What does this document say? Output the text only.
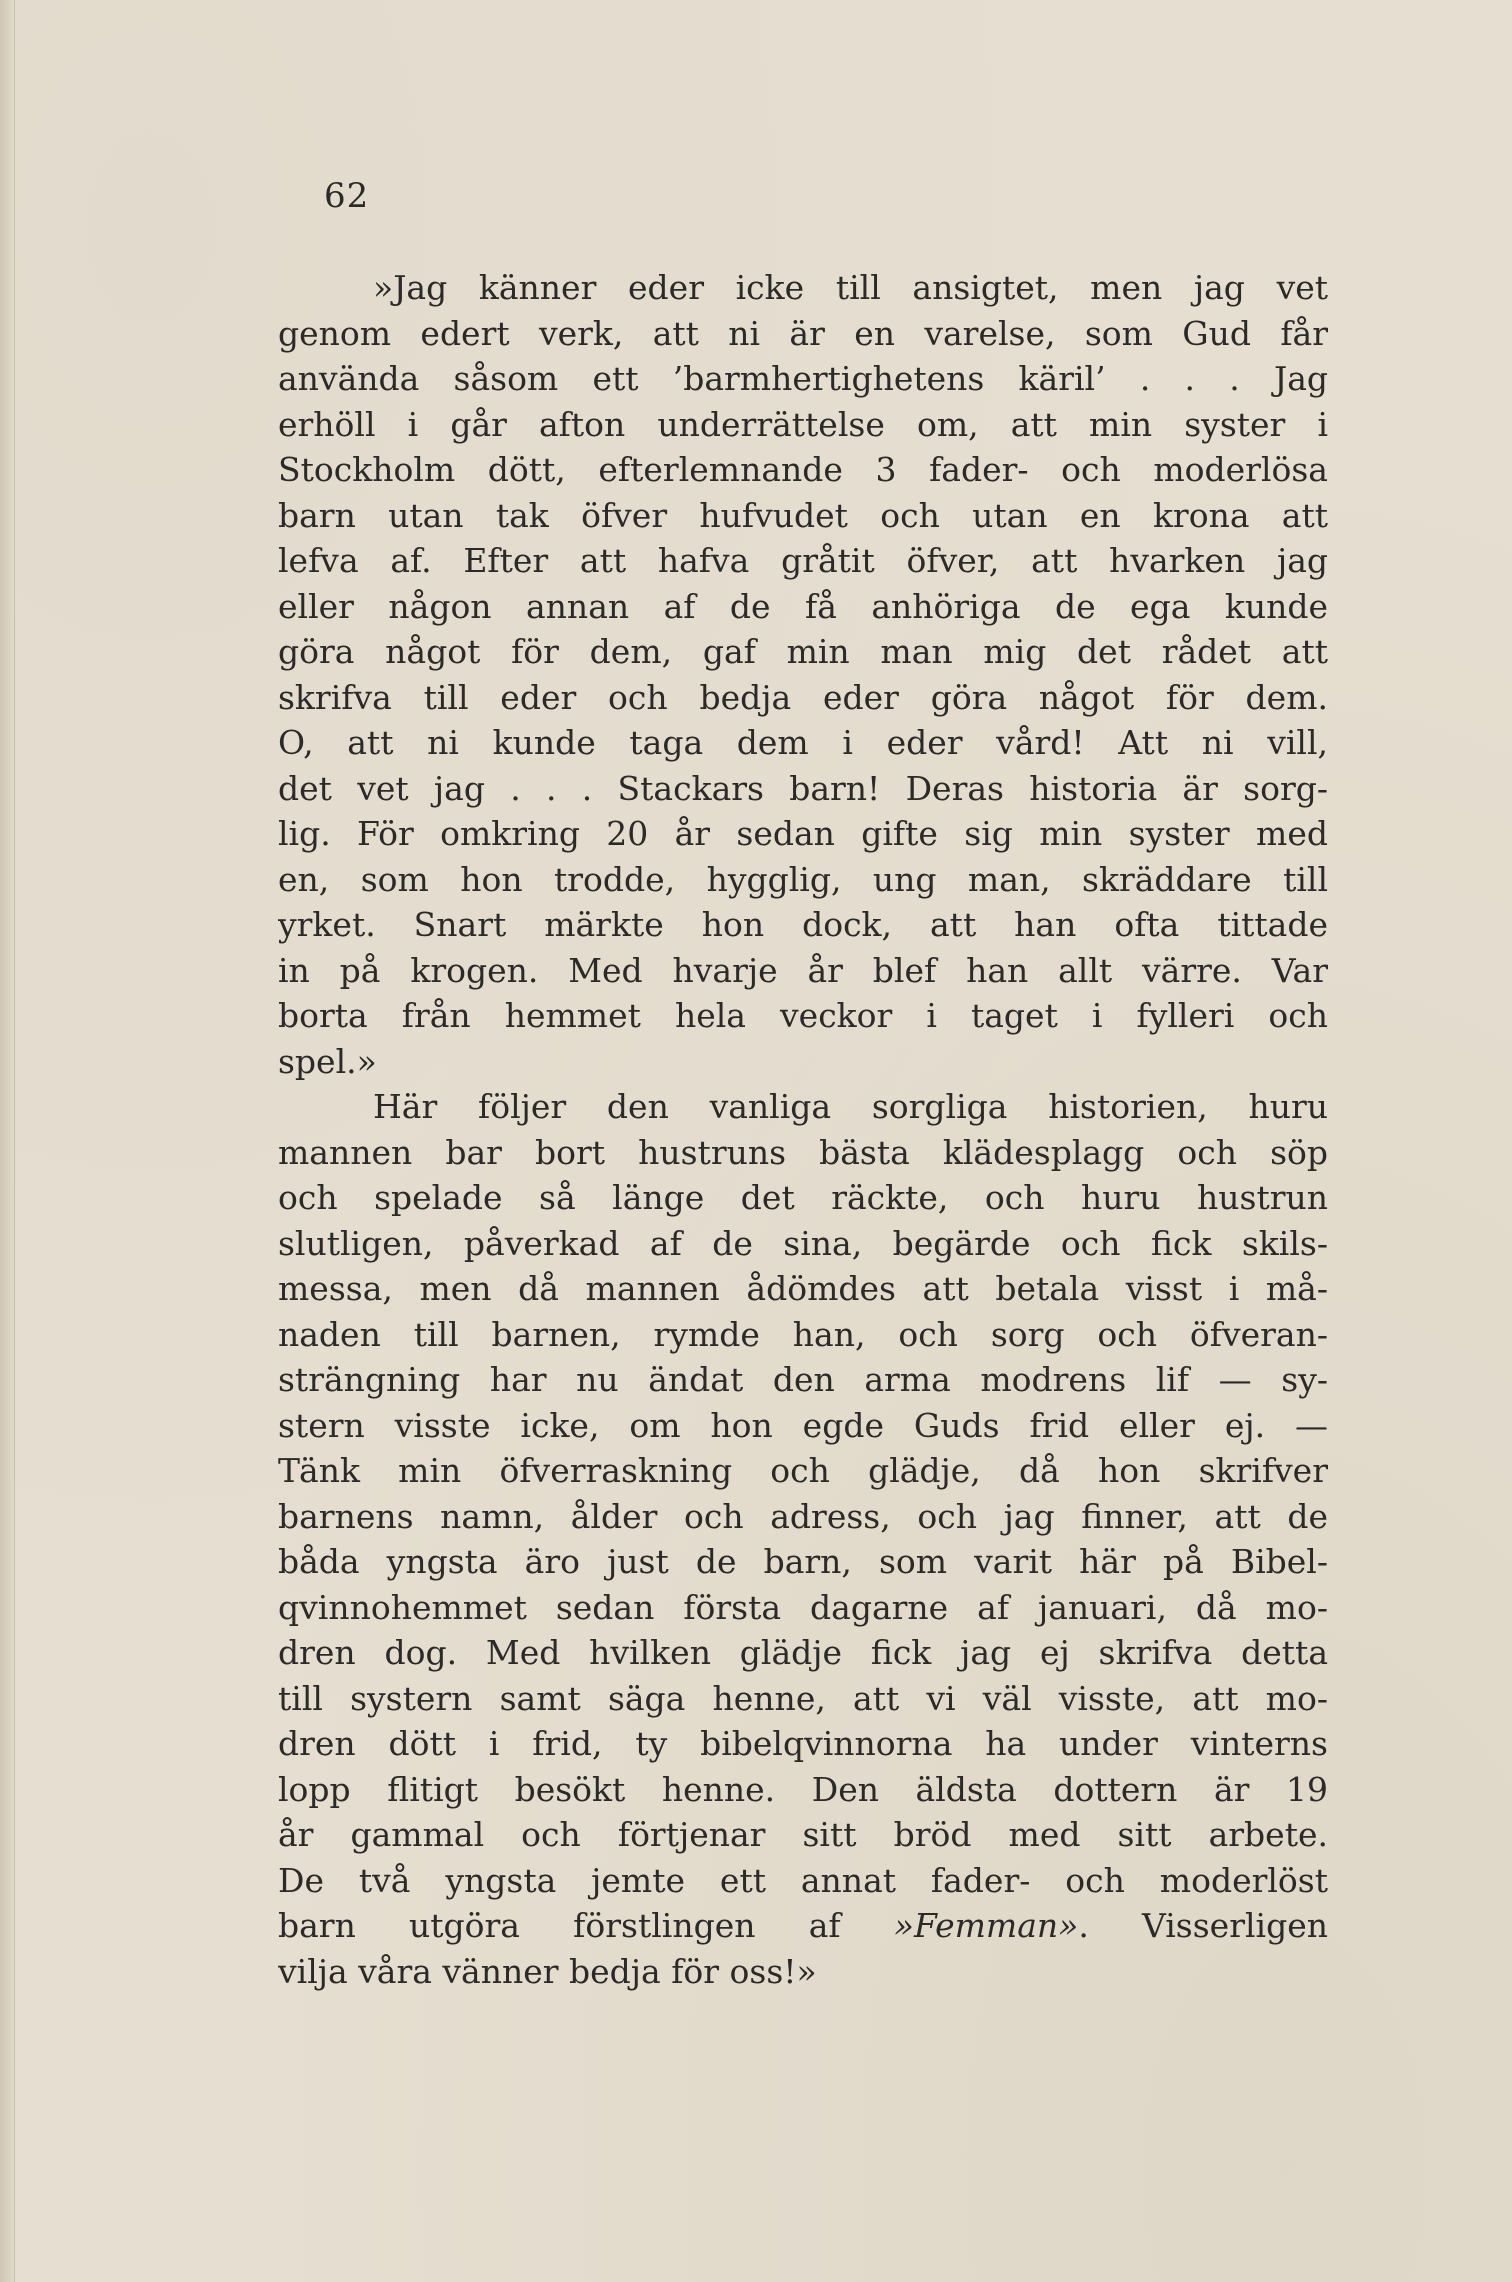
62
»Jag känner eder icke till ansigtet, men jag vet
genom edert verk, att ni är en varelse, som Gud får
använda såsom ett ’barmhertighetens käril’ . . . Jag
erhöll i går afton underrättelse om, att min syster i
Stockholm dött, efterlemnande 3 fader- och moderlösa
barn utan tak öfver hufvudet och utan en krona att
lefva af. Efter att hafva gråtit öfver, att hvarken jag
eller någon annan af de få anhöriga de ega kunde
göra något för dem, gaf min man mig det rådet att
skrifva till eder och bedja eder göra något för dem.
O, att ni kunde taga dem i eder vård! Att ni vill,
det vet jag . . . Stackars barn! Deras historia är sorg-
lig. För omkring 20 år sedan gifte sig min syster med
en, som hon trodde, hygglig, ung man, skräddare till
yrket. Snart märkte hon dock, att han ofta tittade
in på krogen. Med hvarje år blef han allt värre. Var
borta från hemmet hela veckor i taget i fylleri och
spel.»
Här följer den vanliga sorgliga historien, huru
mannen bar bort hustruns bästa klädesplagg och söp
och spelade så länge det räckte, och huru hustrun
slutligen, påverkad af de sina, begärde och fick skils-
messa, men då mannen ådömdes att betala visst i må-
naden till barnen, rymde han, och sorg och öfveran-
strängning har nu ändat den arma modrens lif — sy-
stern visste icke, om hon egde Guds frid eller ej. —
Tänk min öfverraskning och glädje, då hon skrifver
barnens namn, ålder och adress, och jag finner, att de
båda yngsta äro just de barn, som varit här på Bibel-
qvinnohemmet sedan första dagarne af januari, då mo-
dren dog. Med hvilken glädje fick jag ej skrifva detta
till systern samt säga henne, att vi väl visste, att mo-
dren dött i frid, ty bibelqvinnorna ha under vinterns
lopp flitigt besökt henne. Den äldsta dottern är 19
år gammal och förtjenar sitt bröd med sitt arbete.
De två yngsta jemte ett annat fader- och moderlöst
barn utgöra förstlingen af »Femman». Visserligen
vilja våra vänner bedja för oss!»
